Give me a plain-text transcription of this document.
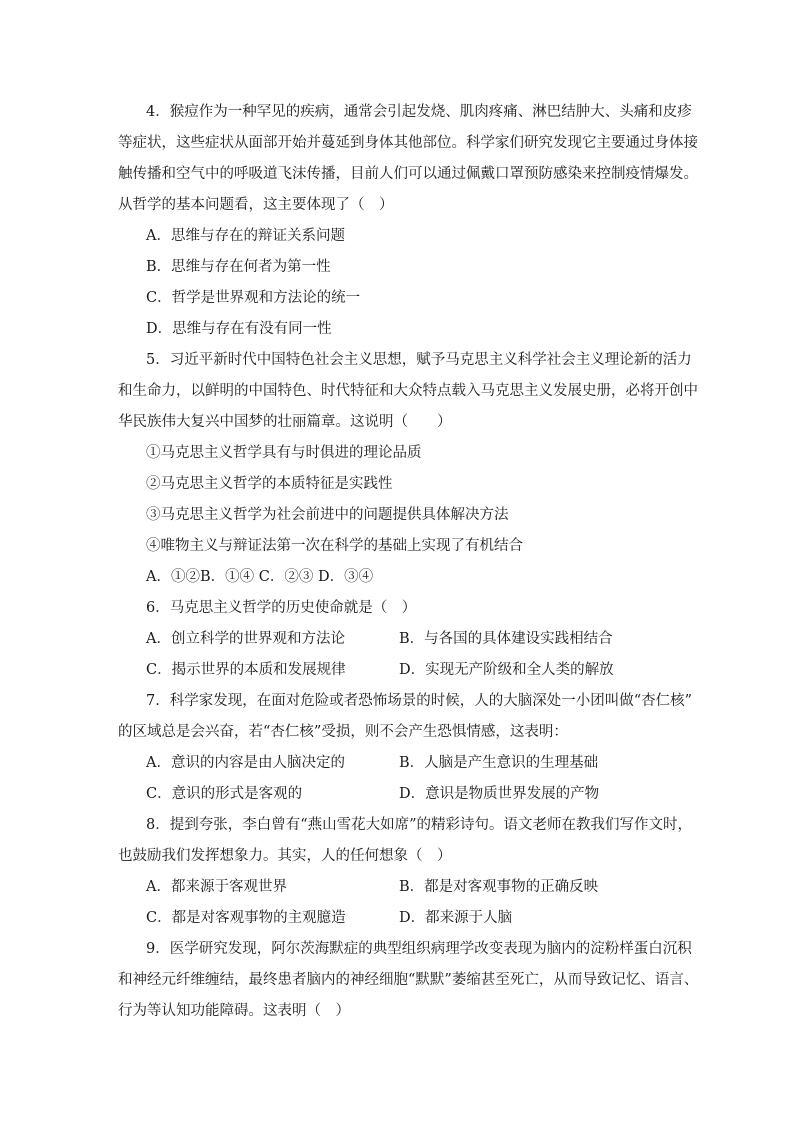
4．猴痘作为一种罕见的疾病，通常会引起发烧、肌肉疼痛、淋巴结肿大、头痛和皮疹
等症状，这些症状从面部开始并蔓延到身体其他部位。科学家们研究发现它主要通过身体接
触传播和空气中的呼吸道飞沫传播，目前人们可以通过佩戴口罩预防感染来控制疫情爆发。
从哲学的基本问题看，这主要体现了（　）
A．思维与存在的辩证关系问题
B．思维与存在何者为第一性
C．哲学是世界观和方法论的统一
D．思维与存在有没有同一性
5．习近平新时代中国特色社会主义思想，赋予马克思主义科学社会主义理论新的活力
和生命力，以鲜明的中国特色、时代特征和大众特点载入马克思主义发展史册，必将开创中
华民族伟大复兴中国梦的壮丽篇章。这说明（　　）
①马克思主义哲学具有与时俱进的理论品质
②马克思主义哲学的本质特征是实践性
③马克思主义哲学为社会前进中的问题提供具体解决方法
④唯物主义与辩证法第一次在科学的基础上实现了有机结合
A．①②B．①④ C．②③ D．③④
6．马克思主义哲学的历史使命就是（　）
A．创立科学的世界观和方法论	B．与各国的具体建设实践相结合
C．揭示世界的本质和发展规律	D．实现无产阶级和全人类的解放
7．科学家发现，在面对危险或者恐怖场景的时候，人的大脑深处一小团叫做“杏仁核”
的区域总是会兴奋，若“杏仁核”受损，则不会产生恐惧情感，这表明：
A．意识的内容是由人脑决定的	B．人脑是产生意识的生理基础
C．意识的形式是客观的	D．意识是物质世界发展的产物
8．提到夸张，李白曾有“燕山雪花大如席”的精彩诗句。语文老师在教我们写作文时，
也鼓励我们发挥想象力。其实，人的任何想象（　）
A．都来源于客观世界	B．都是对客观事物的正确反映
C．都是对客观事物的主观臆造	D．都来源于人脑
9．医学研究发现，阿尔茨海默症的典型组织病理学改变表现为脑内的淀粉样蛋白沉积
和神经元纤维缠结，最终患者脑内的神经细胞“默默”萎缩甚至死亡，从而导致记忆、语言、
行为等认知功能障碍。这表明（　）
